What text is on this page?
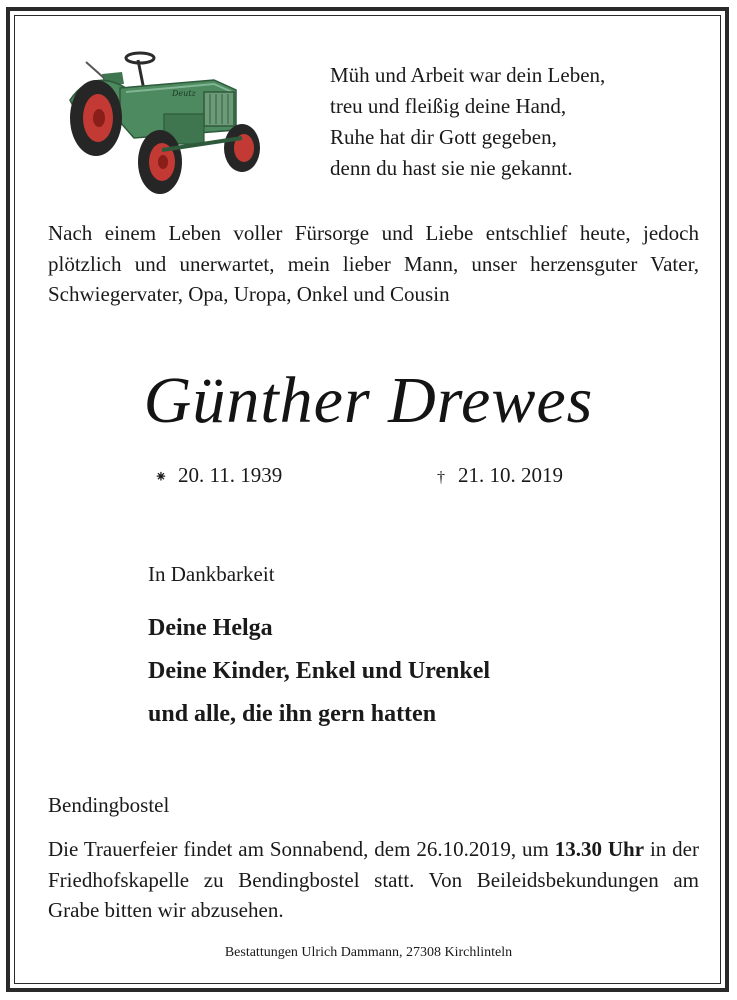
Deutz
Müh und Arbeit war dein Leben,
treu und fleißig deine Hand,
Ruhe hat dir Gott gegeben,
denn du hast sie nie gekannt.
Nach einem Leben voller Fürsorge und Liebe entschlief heute, jedoch plötzlich und unerwartet, mein lieber Mann, unser herzensguter Vater, Schwiegervater, Opa, Uropa, Onkel und Cousin
Günther Drewes
⁕ 20. 11. 1939	† 21. 10. 2019
In Dankbarkeit
Deine Helga
Deine Kinder, Enkel und Urenkel
und alle, die ihn gern hatten
Bendingbostel
Die Trauerfeier findet am Sonnabend, dem 26.10.2019, um 13.30 Uhr in der Friedhofskapelle zu Bendingbostel statt. Von Beileidsbekundungen am Grabe bitten wir abzusehen.
Bestattungen Ulrich Dammann, 27308 Kirchlinteln
